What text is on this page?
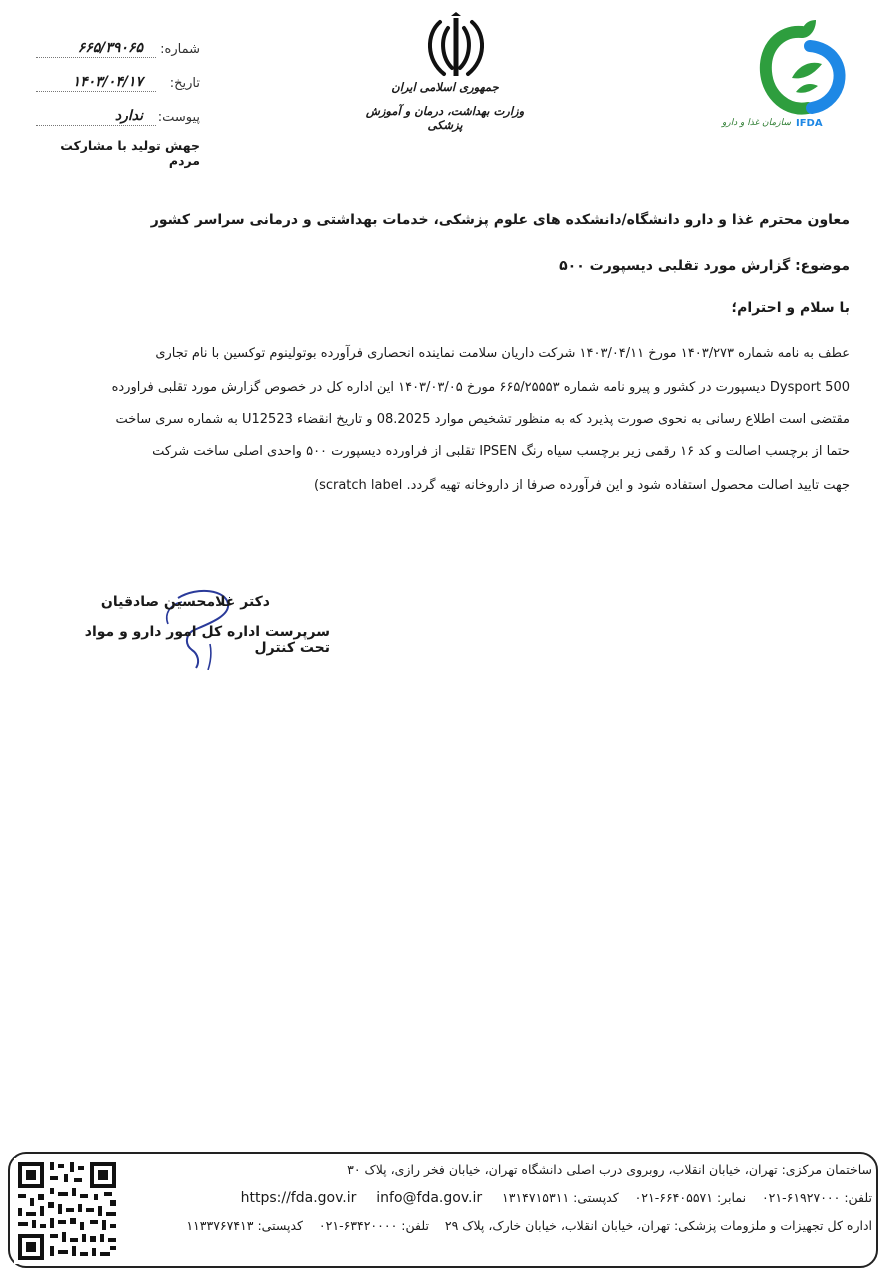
شماره:
۶۶۵/۳۹۰۶۵
تاریخ:
۱۴۰۳/۰۴/۱۷
پیوست:
ندارد
جهش تولید با مشارکت مردم
جمهوری اسلامی ایران
وزارت بهداشت، درمان و آموزش پزشکی	سازمان غذا و دارو IFDA
معاون محترم غذا و دارو دانشگاه/دانشکده های علوم پزشکی، خدمات بهداشتی و درمانی سراسر کشور
موضوع: گزارش مورد تقلبی دیسپورت ۵۰۰
با سلام و احترام؛
عطف به نامه شماره ۱۴۰۳/۲۷۳ مورخ ۱۴۰۳/۰۴/۱۱ شرکت داریان سلامت نماینده انحصاری فرآورده بوتولینوم توکسین با نام تجاری
دیسپورت در کشور و پیرو نامه شماره ۶۶۵/۲۵۵۵۳ مورخ ۱۴۰۳/۰۳/۰۵ این اداره کل در خصوص گزارش مورد تقلبی فراورده Dysport 500
به شماره سری ساخت U12523 و تاریخ انقضاء 08.2025 مقتضی است اطلاع رسانی به نحوی صورت پذیرد که به منظور تشخیص موارد
تقلبی از فراورده دیسپورت ۵۰۰ واحدی اصلی ساخت شرکت IPSEN حتما از برچسب اصالت و کد ۱۶ رقمی زیر برچسب سیاه رنگ
(scratch label جهت تایید اصالت محصول استفاده شود و این فرآورده صرفا از داروخانه تهیه گردد.
دکتر غلامحسین صادقیان
سرپرست اداره کل امور دارو و مواد تحت کنترل
ساختمان مرکزی: تهران، خیابان انقلاب، روبروی درب اصلی دانشگاه تهران، خیابان فخر رازی، پلاک ۳۰
تلفن: ۰۲۱-۶۱۹۲۷۰۰۰    نمابر: ۰۲۱-۶۶۴۰۵۵۷۱    کدپستی: ۱۳۱۴۷۱۵۳۱۱     info@fda.gov.ir     https://fda.gov.ir
اداره کل تجهیزات و ملزومات پزشکی: تهران، خیابان انقلاب، خیابان خارک، پلاک ۲۹    تلفن: ۰۲۱-۶۳۴۲۰۰۰۰    کدپستی: ۱۱۳۳۷۶۷۴۱۳
